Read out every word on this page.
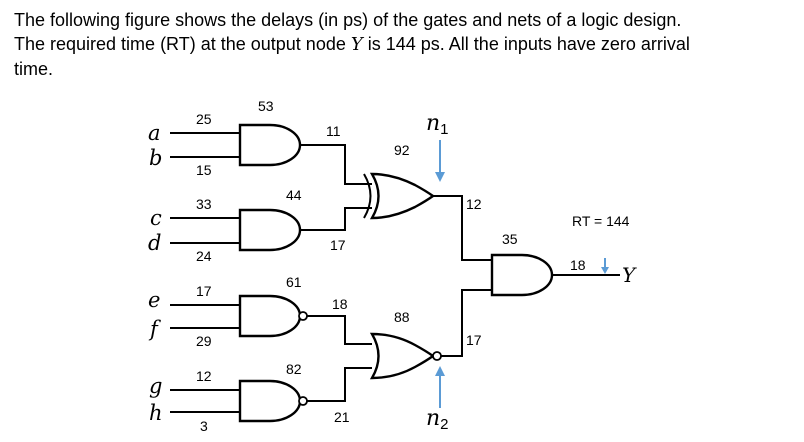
The following figure shows the delays (in ps) of the gates and nets of a logic design.
The required time (RT) at the output node Y is 144 ps. All the inputs have zero arrival
time.
a
b
c
d
e
f
g
h
25
15
33
24
17
29
12
3
53
44
61
82
92
88
35
11
17
18
21
12
17
18
n1
n2
RT = 144
Y
